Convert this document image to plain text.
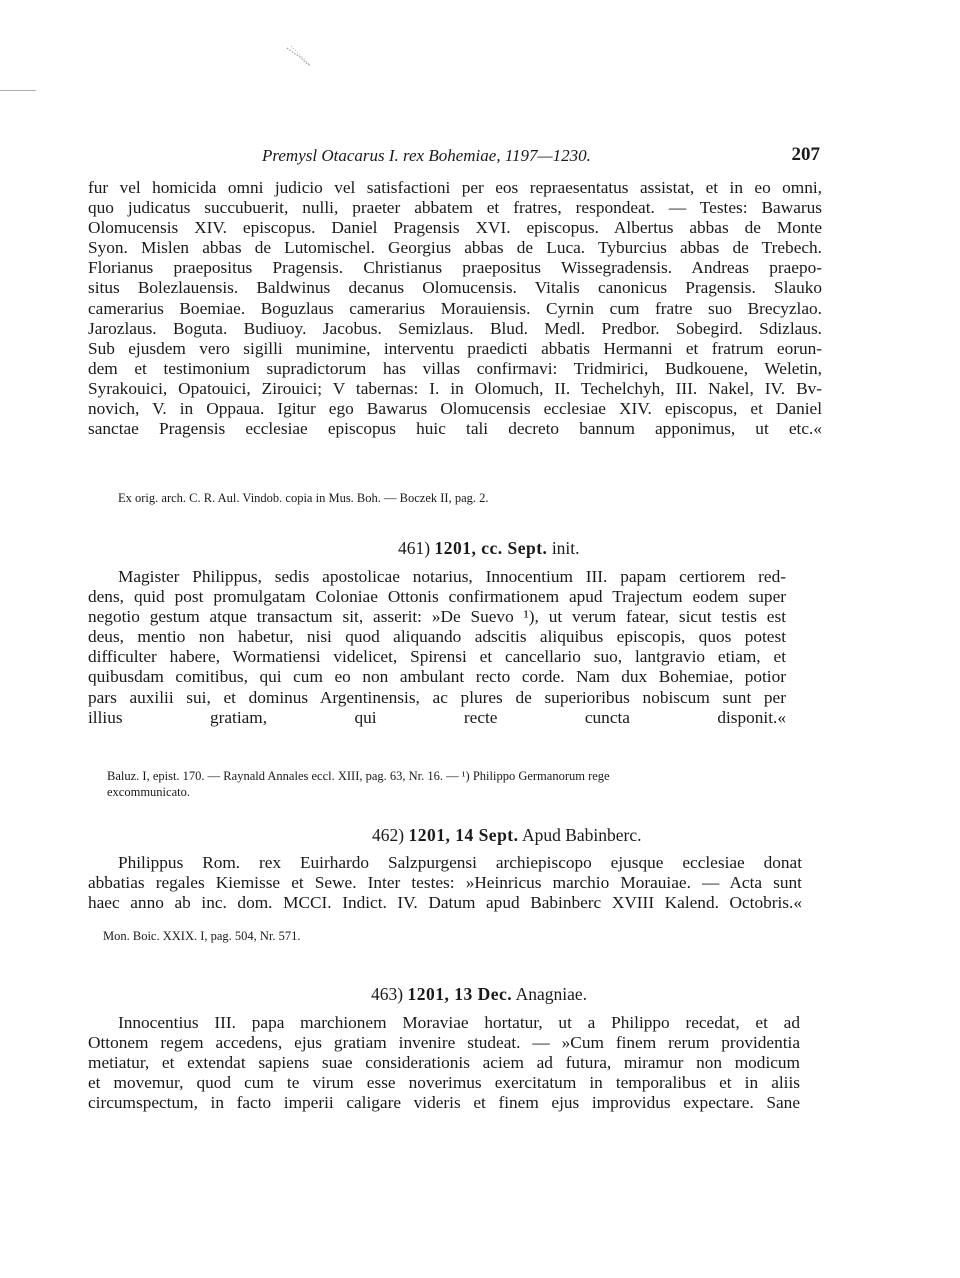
Premysl Otacarus I. rex Bohemiae, 1197—1230.	207
fur vel homicida omni judicio vel satisfactioni per eos repraesentatus assistat, et in eo omni,
quo judicatus succubuerit, nulli, praeter abbatem et fratres, respondeat. — Testes: Bawarus
Olomucensis XIV. episcopus. Daniel Pragensis XVI. episcopus. Albertus abbas de Monte
Syon. Mislen abbas de Lutomischel. Georgius abbas de Luca. Tyburcius abbas de Trebech.
Florianus praepositus Pragensis. Christianus praepositus Wissegradensis. Andreas praepo-
situs Bolezlauensis. Baldwinus decanus Olomucensis. Vitalis canonicus Pragensis. Slauko
camerarius Boemiae. Boguzlaus camerarius Morauiensis. Cyrnin cum fratre suo Brecyzlao.
Jarozlaus. Boguta. Budiuoy. Jacobus. Semizlaus. Blud. Medl. Predbor. Sobegird. Sdizlaus.
Sub ejusdem vero sigilli munimine, interventu praedicti abbatis Hermanni et fratrum eorun-
dem et testimonium supradictorum has villas confirmavi: Tridmirici, Budkouene, Weletin,
Syrakouici, Opatouici, Zirouici; V tabernas: I. in Olomuch, II. Techelchyh, III. Nakel, IV. Bv-
novich, V. in Oppaua. Igitur ego Bawarus Olomucensis ecclesiae XIV. episcopus, et Daniel
sanctae Pragensis ecclesiae episcopus huic tali decreto bannum apponimus, ut etc.«

Ex orig. arch. C. R. Aul. Vindob. copia in Mus. Boh. — Boczek II, pag. 2.

461) 1201, cc. Sept. init.
Magister Philippus, sedis apostolicae notarius, Innocentium III. papam certiorem red-
dens, quid post promulgatam Coloniae Ottonis confirmationem apud Trajectum eodem super
negotio gestum atque transactum sit, asserit: »De Suevo ¹), ut verum fatear, sicut testis est
deus, mentio non habetur, nisi quod aliquando adscitis aliquibus episcopis, quos potest
difficulter habere, Wormatiensi videlicet, Spirensi et cancellario suo, lantgravio etiam, et
quibusdam comitibus, qui cum eo non ambulant recto corde. Nam dux Bohemiae, potior
pars auxilii sui, et dominus Argentinensis, ac plures de superioribus nobiscum sunt per
illius gratiam, qui recte cuncta disponit.«
Baluz. I, epist. 170. — Raynald Annales eccl. XIII, pag. 63, Nr. 16. — ¹) Philippo Germanorum rege
excommunicato.
462) 1201, 14 Sept. Apud Babinberc.
Philippus Rom. rex Euirhardo Salzpurgensi archiepiscopo ejusque ecclesiae donat
abbatias regales Kiemisse et Sewe. Inter testes: »Heinricus marchio Morauiae. — Acta sunt
haec anno ab inc. dom. MCCI. Indict. IV. Datum apud Babinberc XVIII Kalend. Octobris.«

Mon. Boic. XXIX. I, pag. 504, Nr. 571.

463) 1201, 13 Dec. Anagniae.
Innocentius III. papa marchionem Moraviae hortatur, ut a Philippo recedat, et ad
Ottonem regem accedens, ejus gratiam invenire studeat. — »Cum finem rerum providentia
metiatur, et extendat sapiens suae considerationis aciem ad futura, miramur non modicum
et movemur, quod cum te virum esse noverimus exercitatum in temporalibus et in aliis
circumspectum, in facto imperii caligare videris et finem ejus improvidus expectare. Sane
